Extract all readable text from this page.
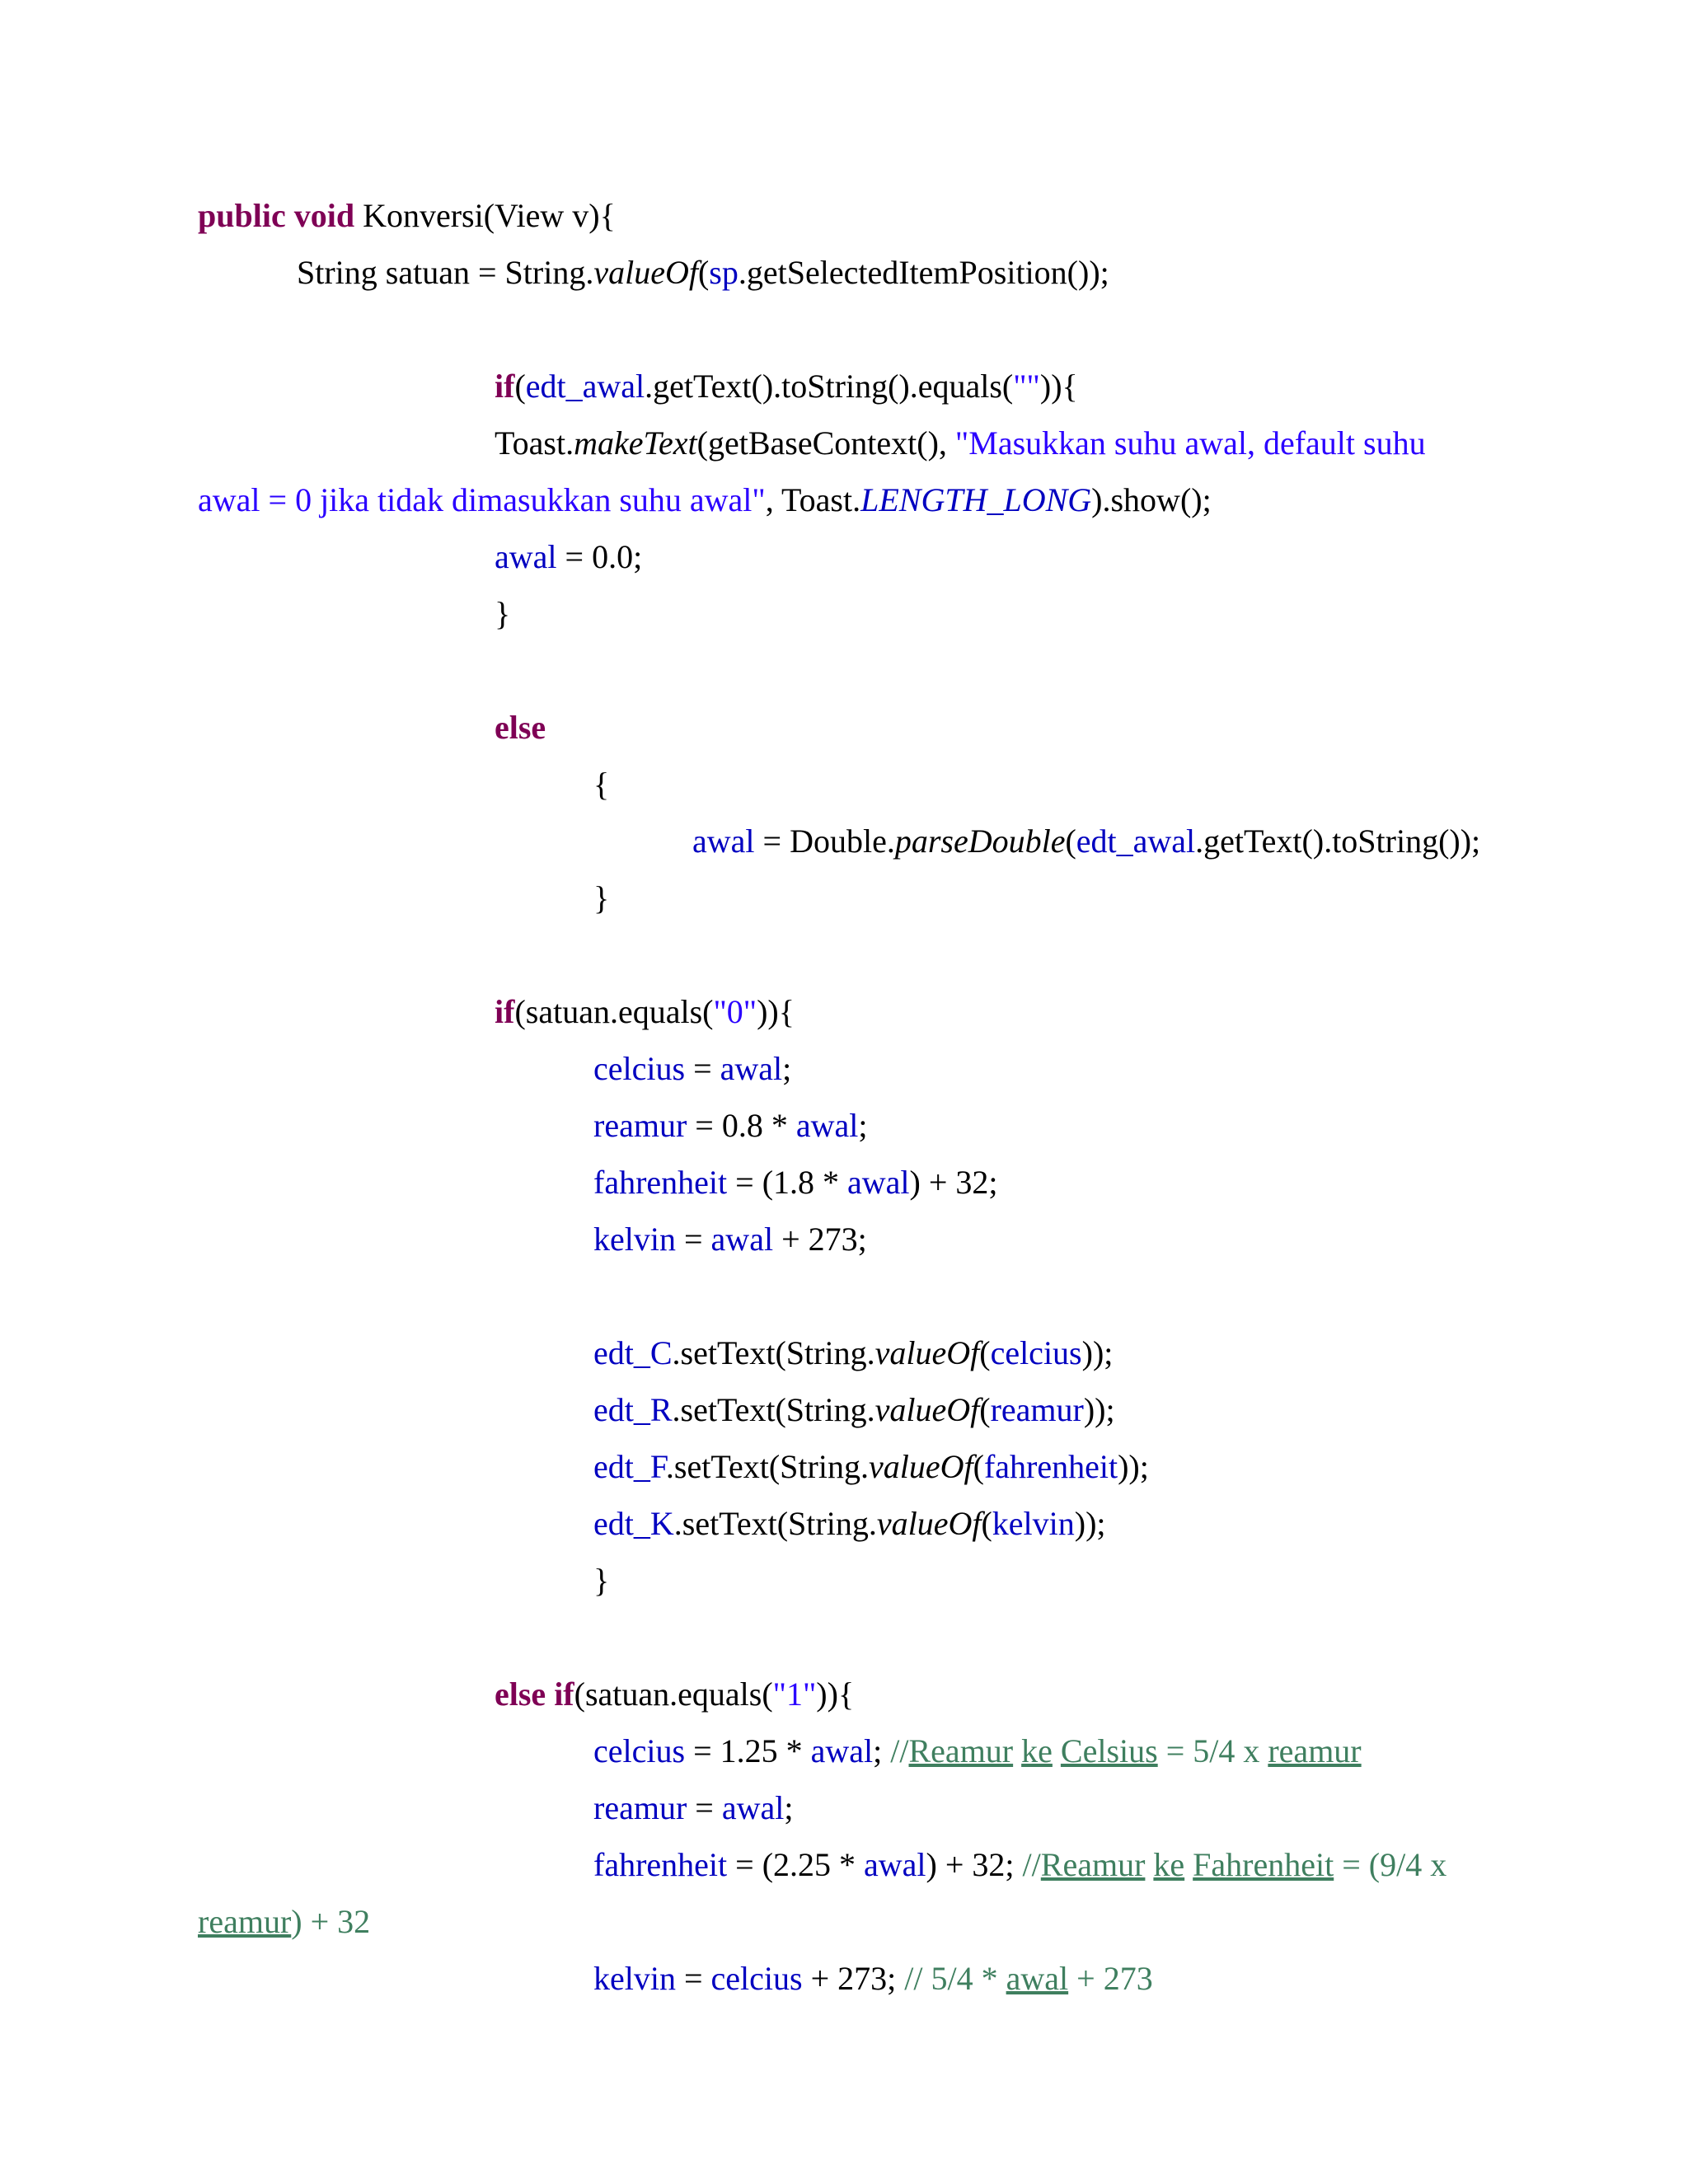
public void Konversi(View v){
String satuan = String.valueOf(sp.getSelectedItemPosition());
if(edt_awal.getText().toString().equals("")){
Toast.makeText(getBaseContext(), "Masukkan suhu awal, default suhu
awal = 0 jika tidak dimasukkan suhu awal", Toast.LENGTH_LONG).show();
awal = 0.0;
}
else
{
awal = Double.parseDouble(edt_awal.getText().toString());
}
if(satuan.equals("0")){
celcius = awal;
reamur = 0.8 * awal;
fahrenheit = (1.8 * awal) + 32;
kelvin = awal + 273;
edt_C.setText(String.valueOf(celcius));
edt_R.setText(String.valueOf(reamur));
edt_F.setText(String.valueOf(fahrenheit));
edt_K.setText(String.valueOf(kelvin));
}
else if(satuan.equals("1")){
celcius = 1.25 * awal; //Reamur ke Celsius = 5/4 x reamur
reamur = awal;
fahrenheit = (2.25 * awal) + 32; //Reamur ke Fahrenheit = (9/4 x
reamur) + 32
kelvin = celcius + 273; // 5/4 * awal + 273
